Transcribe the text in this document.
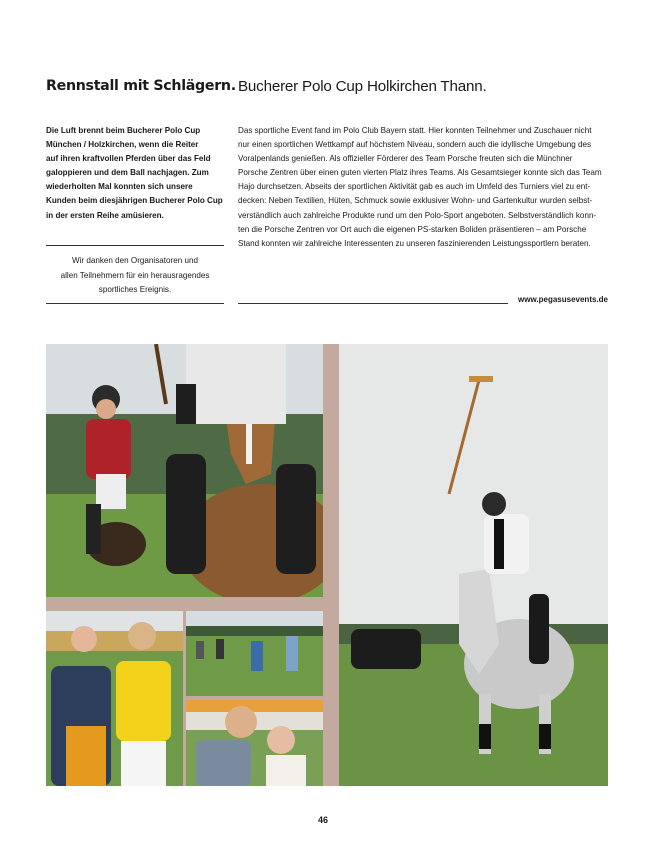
Rennstall mit Schlägern. Bucherer Polo Cup Holkirchen Thann.
Die Luft brennt beim Bucherer Polo Cup
München / Holzkirchen, wenn die Reiter
auf ihren kraftvollen Pferden über das Feld
galoppieren und dem Ball nachjagen. Zum
wiederholten Mal konnten sich unsere
Kunden beim diesjährigen Bucherer Polo Cup
in der ersten Reihe amüsieren.
Das sportliche Event fand im Polo Club Bayern statt. Hier konnten Teilnehmer und Zuschauer nicht
nur einen sportlichen Wettkampf auf höchstem Niveau, sondern auch die idyllische Umgebung des
Voralpenlands genießen. Als offizieller Förderer des Team Porsche freuten sich die Münchner
Porsche Zentren über einen guten vierten Platz ihres Teams. Als Gesamtsieger konnte sich das Team
Hajo durchsetzen. Abseits der sportlichen Aktivität gab es auch im Umfeld des Turniers viel zu ent-
decken: Neben Textilien, Hüten, Schmuck sowie exklusiver Wohn- und Gartenkultur wurden selbst-
verständlich auch zahlreiche Produkte rund um den Polo-Sport angeboten. Selbstverständlich konn-
ten die Porsche Zentren vor Ort auch die eigenen PS-starken Boliden präsentieren – am Porsche
Stand konnten wir zahlreiche Interessenten zu unseren faszinierenden Leistungssportlern beraten.
Wir danken den Organisatoren und
allen Teilnehmern für ein herausragendes
sportliches Ereignis.
www.pegasusevents.de
46
